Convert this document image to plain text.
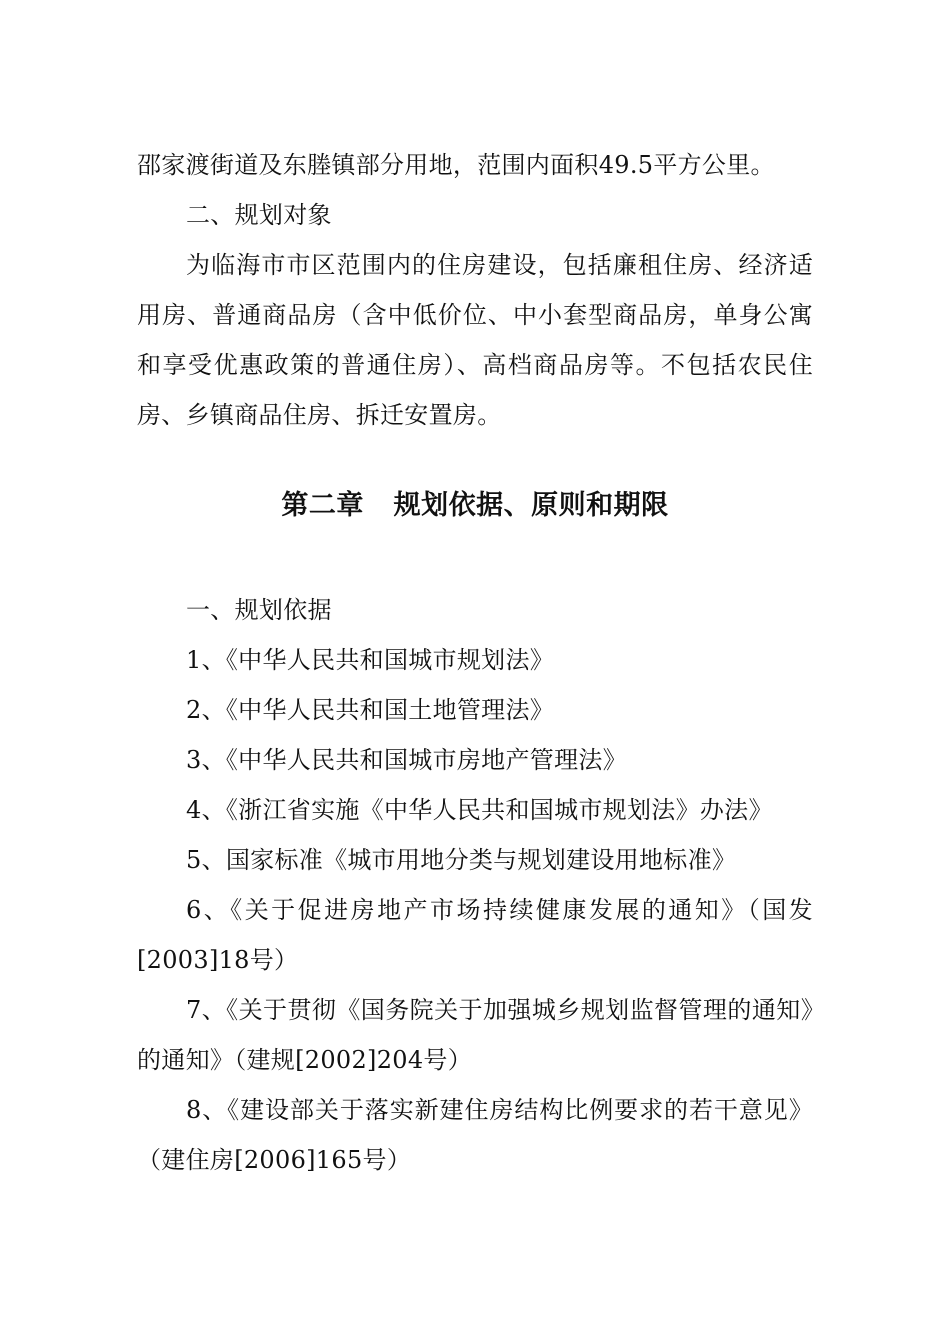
邵家渡街道及东塍镇部分用地，范围内面积49.5平方公里。

二、规划对象

为临海市市区范围内的住房建设，包括廉租住房、经济适用房、普通商品房（含中低价位、中小套型商品房，单身公寓和享受优惠政策的普通住房）、高档商品房等。不包括农民住房、乡镇商品住房、拆迁安置房。

第二章   规划依据、原则和期限

一、规划依据

1、《中华人民共和国城市规划法》

2、《中华人民共和国土地管理法》

3、《中华人民共和国城市房地产管理法》

4、《浙江省实施《中华人民共和国城市规划法》办法》

5、国家标准《城市用地分类与规划建设用地标准》

6、《关于促进房地产市场持续健康发展的通知》（国发[2003]18号）

7、《关于贯彻《国务院关于加强城乡规划监督管理的通知》的通知》（建规[2002]204号）

8、《建设部关于落实新建住房结构比例要求的若干意见》（建住房[2006]165号）
